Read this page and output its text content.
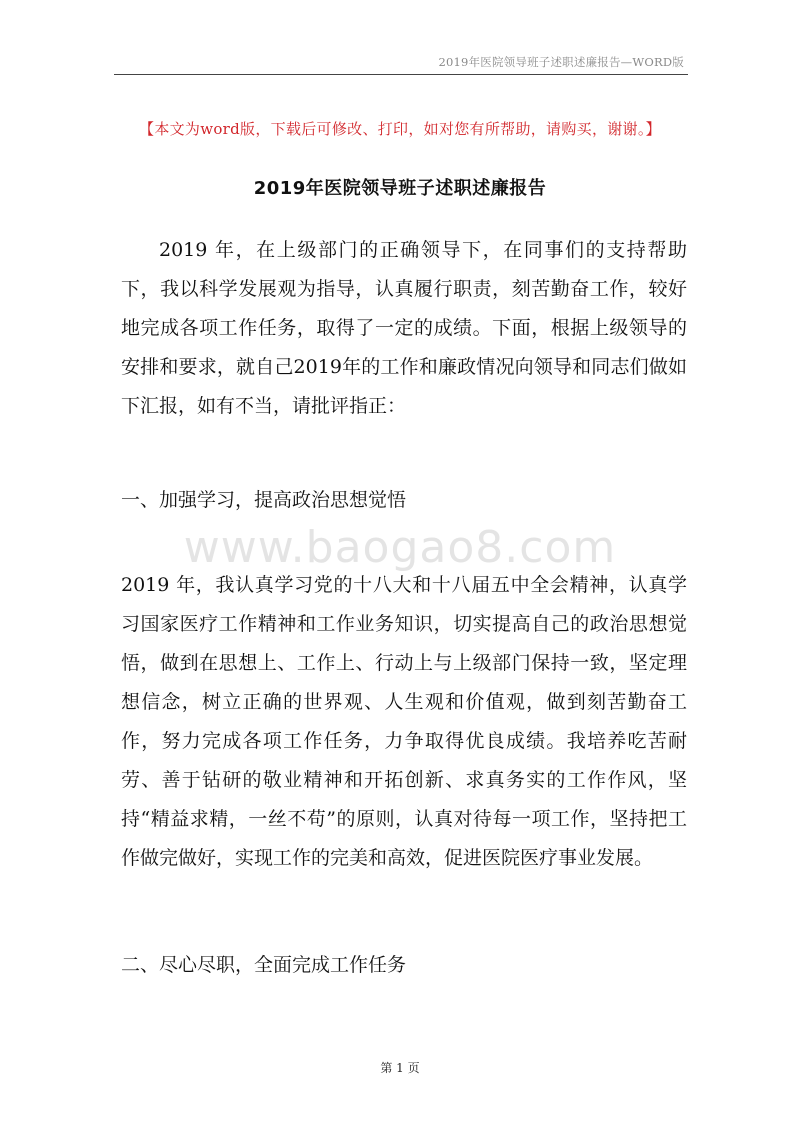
2019年医院领导班子述职述廉报告—WORD版
【本文为word版，下载后可修改、打印，如对您有所帮助，请购买，谢谢。】
2019年医院领导班子述职述廉报告
2019 年，在上级部门的正确领导下，在同事们的支持帮助下，我以科学发展观为指导，认真履行职责，刻苦勤奋工作，较好地完成各项工作任务，取得了一定的成绩。下面，根据上级领导的安排和要求，就自己2019年的工作和廉政情况向领导和同志们做如下汇报，如有不当，请批评指正：
一、加强学习，提高政治思想觉悟
www.baogao8.com
2019 年，我认真学习党的十八大和十八届五中全会精神，认真学习国家医疗工作精神和工作业务知识，切实提高自己的政治思想觉悟，做到在思想上、工作上、行动上与上级部门保持一致，坚定理想信念，树立正确的世界观、人生观和价值观，做到刻苦勤奋工作，努力完成各项工作任务，力争取得优良成绩。我培养吃苦耐劳、善于钻研的敬业精神和开拓创新、求真务实的工作作风，坚持“精益求精，一丝不苟”的原则，认真对待每一项工作，坚持把工作做完做好，实现工作的完美和高效，促进医院医疗事业发展。
二、尽心尽职，全面完成工作任务
第 1 页
